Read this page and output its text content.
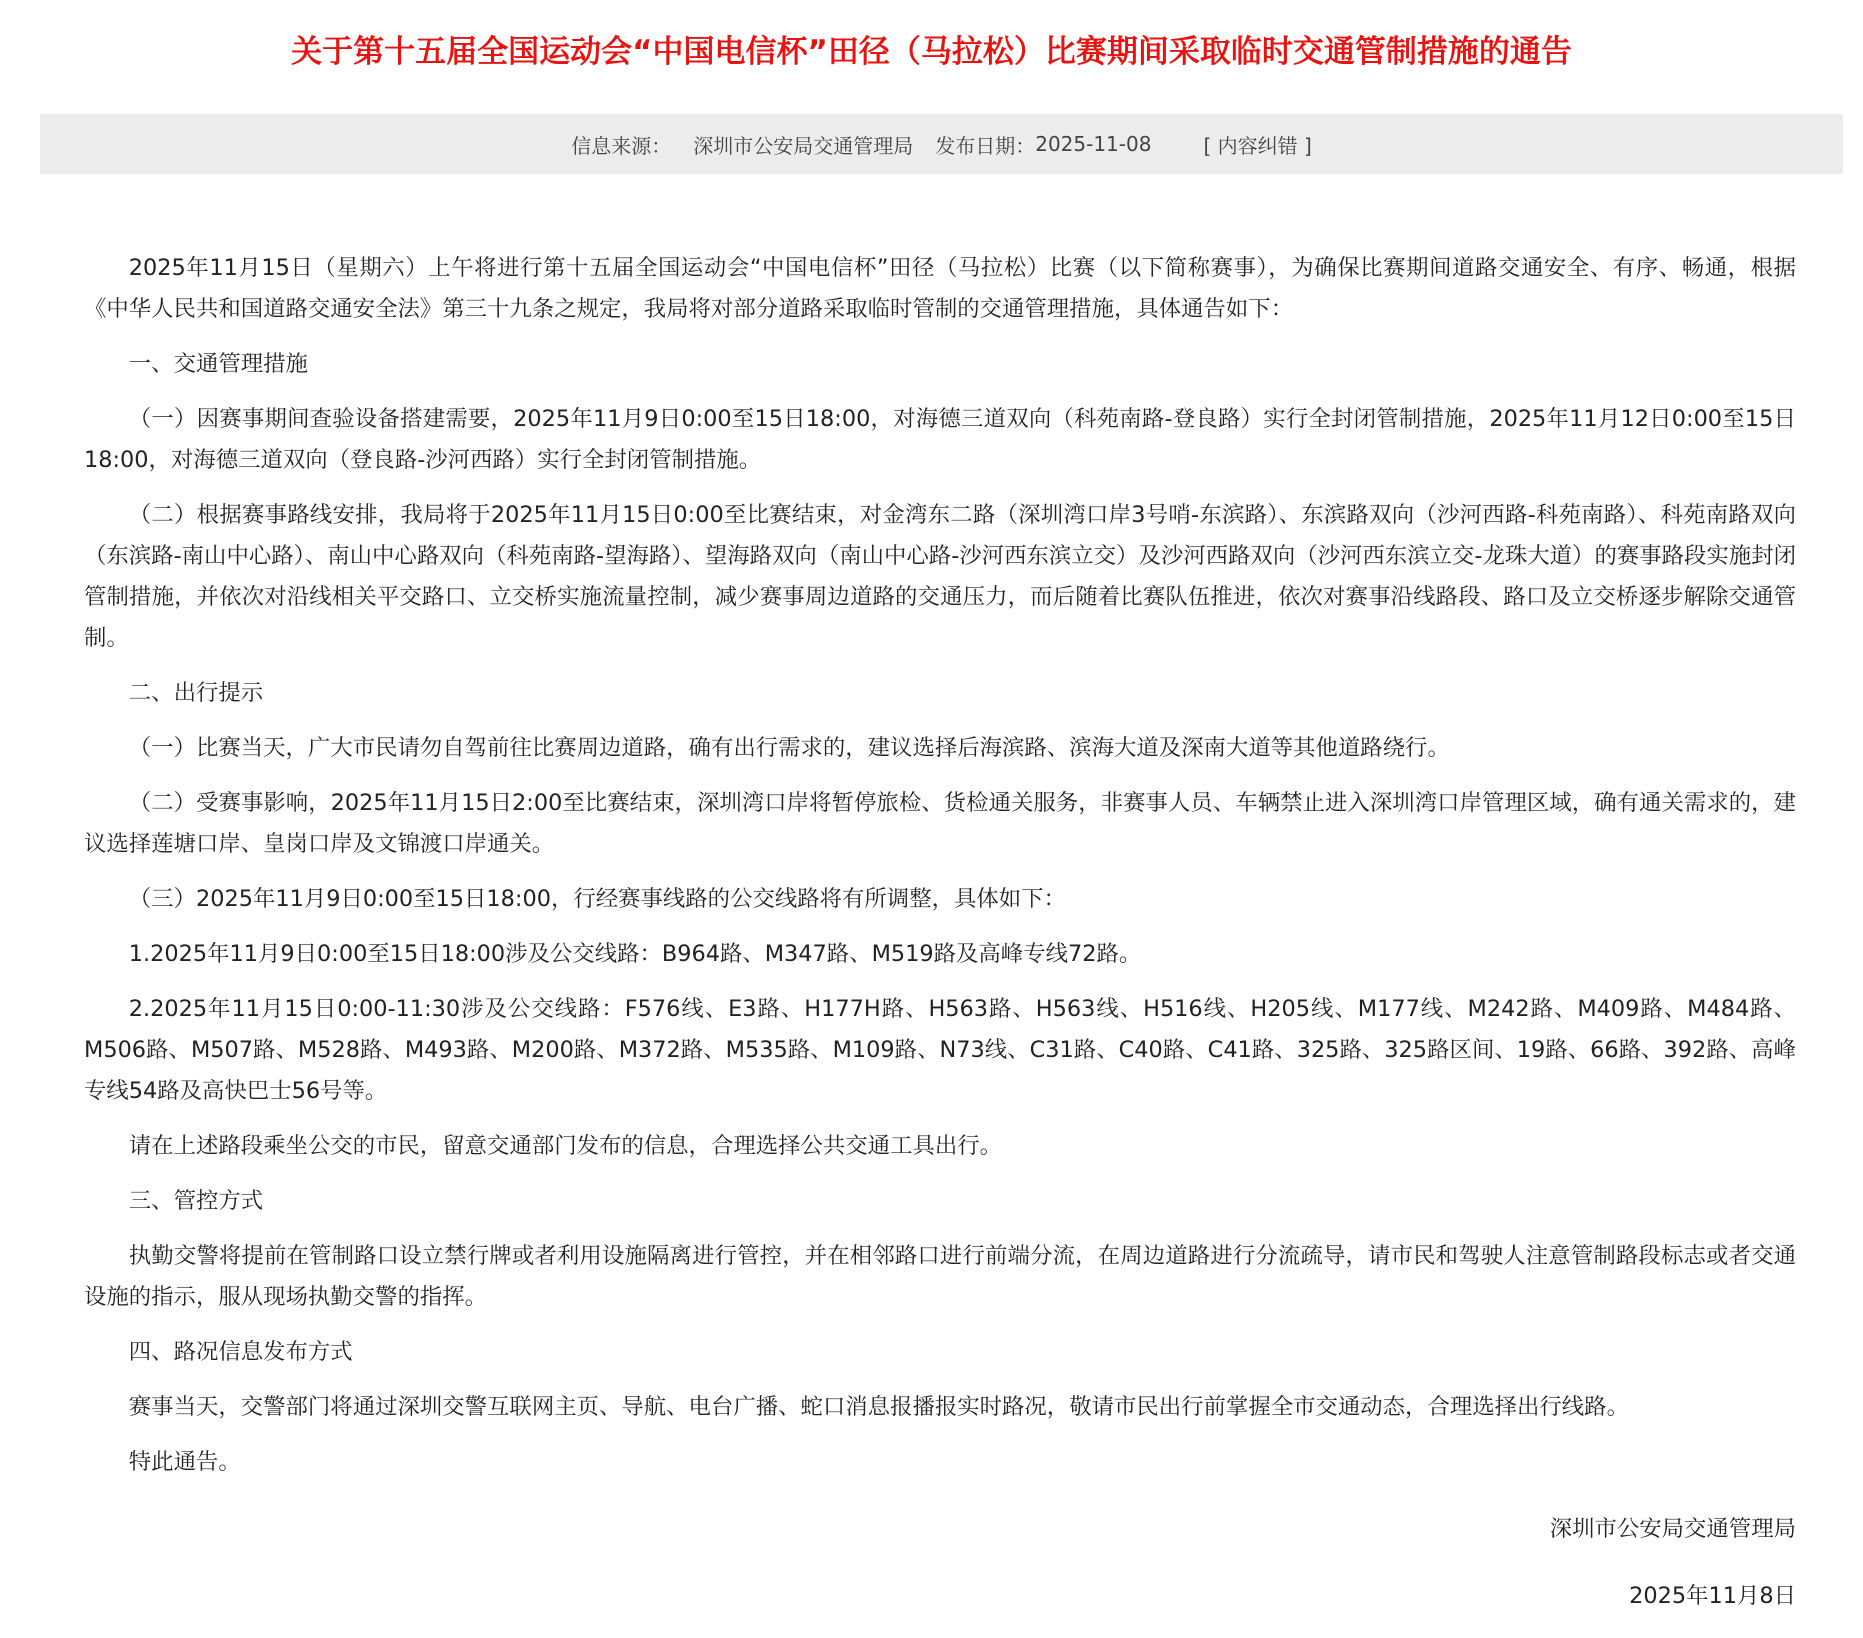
关于第十五届全国运动会“中国电信杯”田径（马拉松）比赛期间采取临时交通管制措施的通告
信息来源： 深圳市公安局交通管理局 发布日期： 2025-11-08	[ 内容纠错 ]

2025年11月15日（星期六）上午将进行第十五届全国运动会“中国电信杯”田径（马拉松）比赛（以下简称赛事），为确保比赛期间道路交通安全、有序、畅通，根据《中华人民共和国道路交通安全法》第三十九条之规定，我局将对部分道路采取临时管制的交通管理措施，具体通告如下：

一、交通管理措施

（一）因赛事期间查验设备搭建需要，2025年11月9日0:00至15日18:00，对海德三道双向（科苑南路-登良路）实行全封闭管制措施，2025年11月12日0:00至15日18:00，对海德三道双向（登良路-沙河西路）实行全封闭管制措施。

（二）根据赛事路线安排，我局将于2025年11月15日0:00至比赛结束，对金湾东二路（深圳湾口岸3号哨-东滨路）、东滨路双向（沙河西路-科苑南路）、科苑南路双向（东滨路-南山中心路）、南山中心路双向（科苑南路-望海路）、望海路双向（南山中心路-沙河西东滨立交）及沙河西路双向（沙河西东滨立交-龙珠大道）的赛事路段实施封闭管制措施，并依次对沿线相关平交路口、立交桥实施流量控制，减少赛事周边道路的交通压力，而后随着比赛队伍推进，依次对赛事沿线路段、路口及立交桥逐步解除交通管制。

二、出行提示

（一）比赛当天，广大市民请勿自驾前往比赛周边道路，确有出行需求的，建议选择后海滨路、滨海大道及深南大道等其他道路绕行。

（二）受赛事影响，2025年11月15日2:00至比赛结束，深圳湾口岸将暂停旅检、货检通关服务，非赛事人员、车辆禁止进入深圳湾口岸管理区域，确有通关需求的，建议选择莲塘口岸、皇岗口岸及文锦渡口岸通关。

（三）2025年11月9日0:00至15日18:00，行经赛事线路的公交线路将有所调整，具体如下：

1.2025年11月9日0:00至15日18:00涉及公交线路：B964路、M347路、M519路及高峰专线72路。

2.2025年11月15日0:00-11:30涉及公交线路：F576线、E3路、H177H路、H563路、H563线、H516线、H205线、M177线、M242路、M409路、M484路、M506路、M507路、M528路、M493路、M200路、M372路、M535路、M109路、N73线、C31路、C40路、C41路、325路、325路区间、19路、66路、392路、高峰专线54路及高快巴士56号等。

请在上述路段乘坐公交的市民，留意交通部门发布的信息，合理选择公共交通工具出行。

三、管控方式

执勤交警将提前在管制路口设立禁行牌或者利用设施隔离进行管控，并在相邻路口进行前端分流，在周边道路进行分流疏导，请市民和驾驶人注意管制路段标志或者交通设施的指示，服从现场执勤交警的指挥。

四、路况信息发布方式

赛事当天，交警部门将通过深圳交警互联网主页、导航、电台广播、蛇口消息报播报实时路况，敬请市民出行前掌握全市交通动态，合理选择出行线路。

特此通告。

深圳市公安局交通管理局

2025年11月8日
